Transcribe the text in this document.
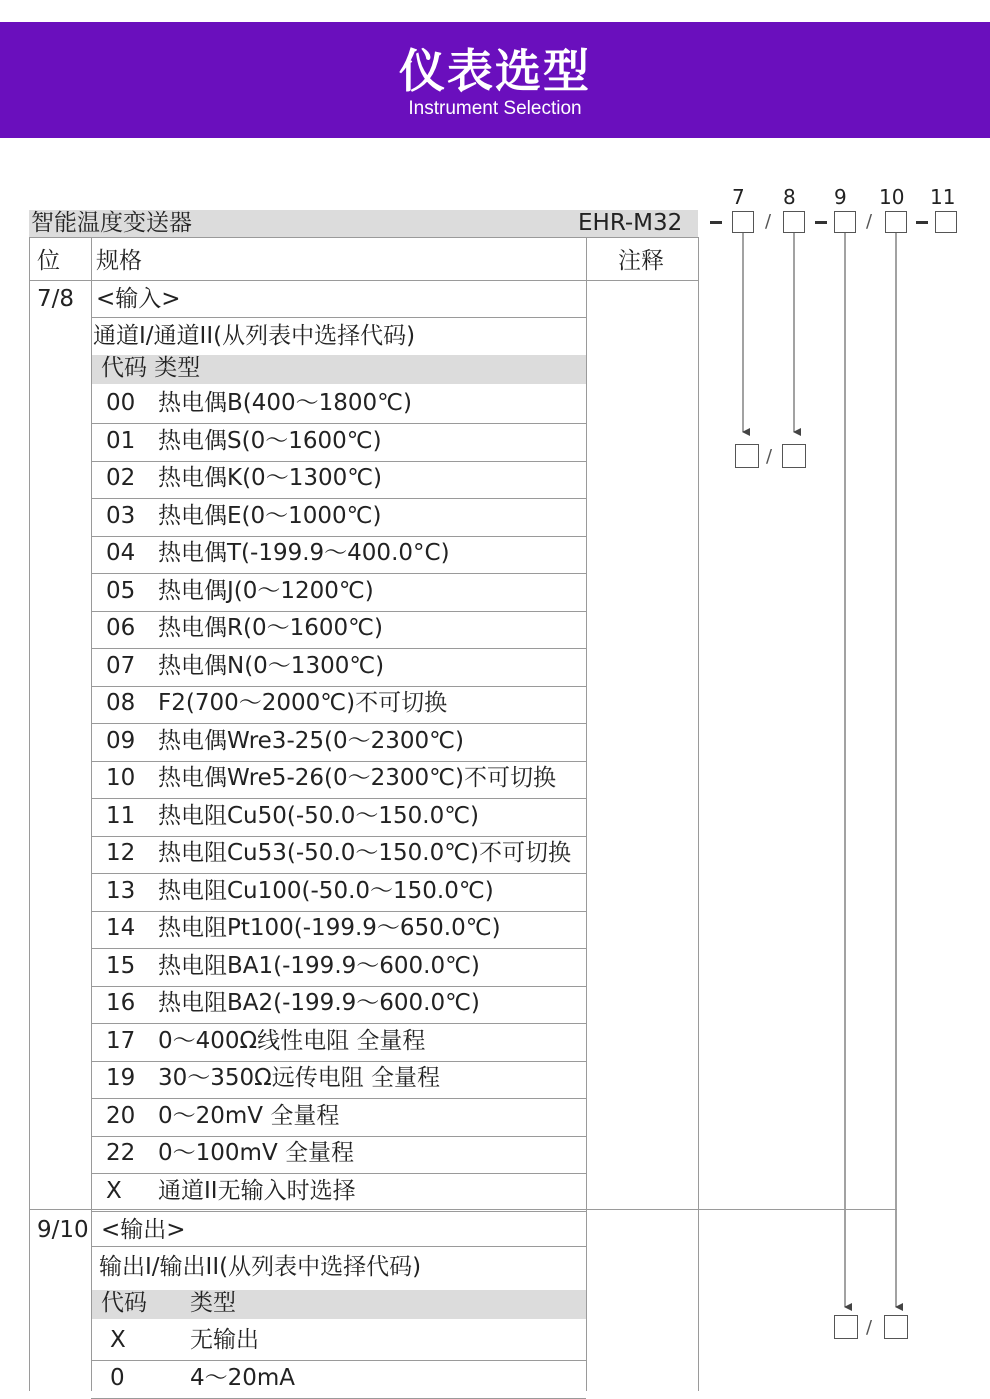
仪表选型
Instrument Selection
智能温度变送器	EHR-M32
7 8 9 10 11
/	/
/
/
位 规格	注释
7/8 <输入>
通道I/通道II(从列表中选择代码)
代码 类型
00 热电偶B(400～1800℃)
01 热电偶S(0～1600℃)
02 热电偶K(0～1300℃)
03 热电偶E(0～1000℃)
04 热电偶T(-199.9～400.0°C)
05 热电偶J(0～1200℃)
06 热电偶R(0～1600℃)
07 热电偶N(0～1300℃)
08 F2(700～2000℃)不可切换
09 热电偶Wre3-25(0～2300℃)
10 热电偶Wre5-26(0～2300℃)不可切换
11 热电阻Cu50(-50.0～150.0℃)
12 热电阻Cu53(-50.0～150.0℃)不可切换
13 热电阻Cu100(-50.0～150.0℃)
14 热电阻Pt100(-199.9～650.0℃)
15 热电阻BA1(-199.9～600.0℃)
16 热电阻BA2(-199.9～600.0℃)
17 0～400Ω线性电阻 全量程
19 30～350Ω远传电阻 全量程
20 0～20mV 全量程
22 0～100mV 全量程
X 通道II无输入时选择
9/10 <输出>
输出I/输出II(从列表中选择代码)
代码 类型
X	无输出
0	4～20mA
